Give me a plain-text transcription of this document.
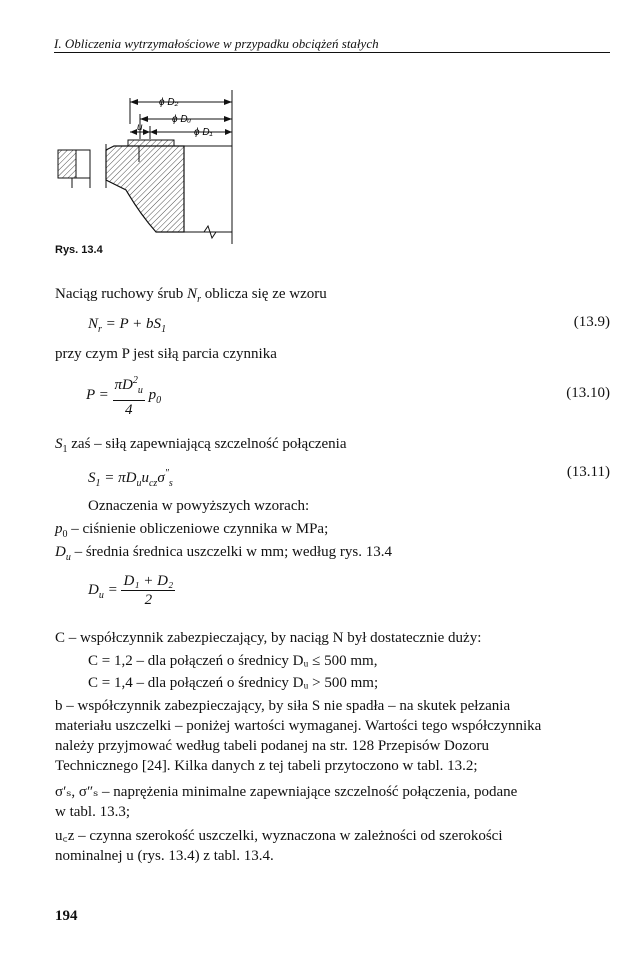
I. Obliczenia wytrzymałościowe w przypadku obciążeń stałych
ϕ D₂
ϕ Dᵤ
u	ϕ D₁
Rys. 13.4
Naciąg ruchowy śrub $N_r$ oblicza się ze wzoru
$N_r = P + bS_1$	(13.9)
przy czym P jest siłą parcia czynnika
$P = \frac{\pi D^2_u}{4} p_0$	(13.10)
$S_1$ zaś – siłą zapewniającą szczelność połączenia
$S_1 = \pi D_uu_{cz}\sigma''_s$
(13.11)
Oznaczenia w powyższych wzorach:
$p_0$ – ciśnienie obliczeniowe czynnika w MPa;
$D_u$ – średnia średnica uszczelki w mm; według rys. 13.4
$D_u = \frac{\text{D₁ + D₂}}{2}$
C – współczynnik zabezpieczający, by naciąg N był dostatecznie duży:
C = 1,2 – dla połączeń o średnicy Dᵤ ≤ 500 mm,
C = 1,4 – dla połączeń o średnicy Dᵤ > 500 mm;
b – współczynnik zabezpieczający, by siła S nie spadła – na skutek pełzania
materiału uszczelki – poniżej wartości wymaganej. Wartości tego współczynnika
należy przyjmować według tabeli podanej na str. 128 Przepisów Dozoru
Technicznego [24]. Kilka danych z tej tabeli przytoczono w tabl. 13.2;
σ′ₛ, σ″ₛ – naprężenia minimalne zapewniające szczelność połączenia, podane
w tabl. 13.3;
u꜀z – czynna szerokość uszczelki, wyznaczona w zależności od szerokości
nominalnej u (rys. 13.4) z tabl. 13.4.
194
